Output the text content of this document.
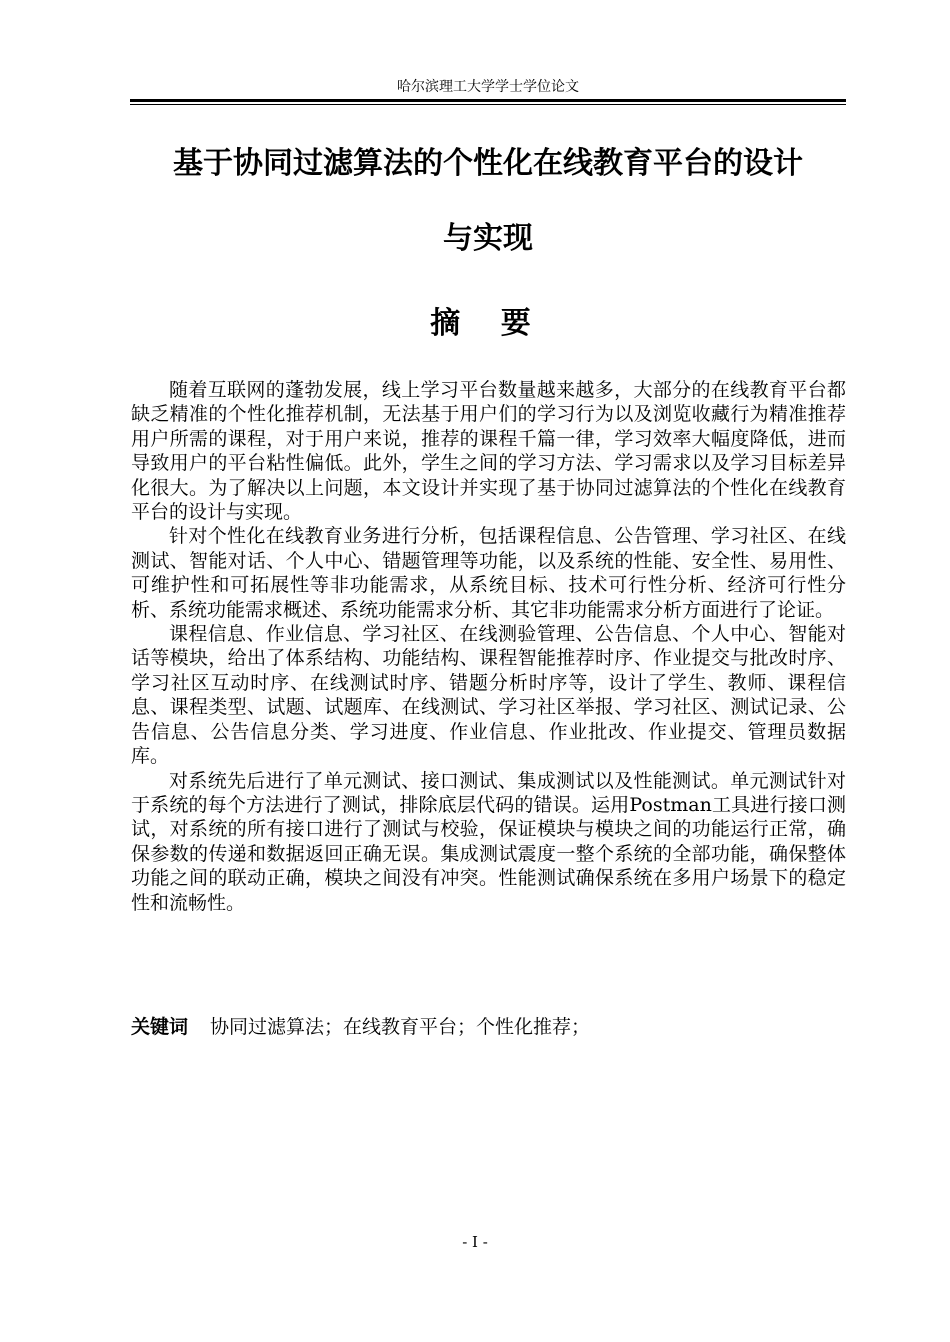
哈尔滨理工大学学士学位论文
基于协同过滤算法的个性化在线教育平台的设计
与实现
摘 要

随着互联网的蓬勃发展，线上学习平台数量越来越多，大部分的在线教育平台都缺乏精准的个性化推荐机制，无法基于用户们的学习行为以及浏览收藏行为精准推荐用户所需的课程，对于用户来说，推荐的课程千篇一律，学习效率大幅度降低，进而导致用户的平台粘性偏低。此外，学生之间的学习方法、学习需求以及学习目标差异化很大。为了解决以上问题，本文设计并实现了基于协同过滤算法的个性化在线教育平台的设计与实现。

针对个性化在线教育业务进行分析，包括课程信息、公告管理、学习社区、在线测试、智能对话、个人中心、错题管理等功能，以及系统的性能、安全性、易用性、可维护性和可拓展性等非功能需求，从系统目标、技术可行性分析、经济可行性分析、系统功能需求概述、系统功能需求分析、其它非功能需求分析方面进行了论证。

课程信息、作业信息、学习社区、在线测验管理、公告信息、个人中心、智能对话等模块，给出了体系结构、功能结构、课程智能推荐时序、作业提交与批改时序、学习社区互动时序、在线测试时序、错题分析时序等，设计了学生、教师、课程信息、课程类型、试题、试题库、在线测试、学习社区举报、学习社区、测试记录、公告信息、公告信息分类、学习进度、作业信息、作业批改、作业提交、管理员数据库。

对系统先后进行了单元测试、接口测试、集成测试以及性能测试。单元测试针对于系统的每个方法进行了测试，排除底层代码的错误。运用Postman工具进行接口测试，对系统的所有接口进行了测试与校验，保证模块与模块之间的功能运行正常，确保参数的传递和数据返回正确无误。集成测试震度一整个系统的全部功能，确保整体功能之间的联动正确，模块之间没有冲突。性能测试确保系统在多用户场景下的稳定性和流畅性。

关键词 协同过滤算法；在线教育平台；个性化推荐；
- I -
